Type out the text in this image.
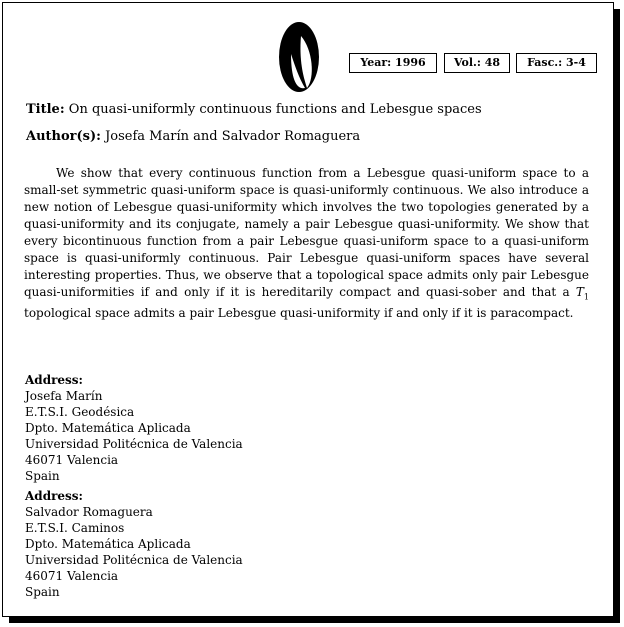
Year: 1996	Vol.: 48	Fasc.: 3-4
Title: On quasi-uniformly continuous functions and Lebesgue spaces
Author(s): Josefa Marín and Salvador Romaguera

We show that every continuous function from a Lebesgue quasi-uniform space to a small-set symmetric quasi-uniform space is quasi-uniformly continuous. We also introduce a new notion of Lebesgue quasi-uniformity which involves the two topologies generated by a quasi-uniformity and its conjugate, namely a pair Lebesgue quasi-uniformity. We show that every bicontinuous function from a pair Lebesgue quasi-uniform space to a quasi-uniform space is quasi-uniformly continuous. Pair Lebesgue quasi-uniform spaces have several interesting properties. Thus, we observe that a topological space admits only pair Lebesgue quasi-uniformities if and only if it is hereditarily compact and quasi-sober and that a $T_1$ topological space admits a pair Lebesgue quasi-uniformity if and only if it is paracompact.

Address:
Josefa Marín
E.T.S.I. Geodésica
Dpto. Matemática Aplicada
Universidad Politécnica de Valencia
46071 Valencia
Spain
Address:
Salvador Romaguera
E.T.S.I. Caminos
Dpto. Matemática Aplicada
Universidad Politécnica de Valencia
46071 Valencia
Spain
